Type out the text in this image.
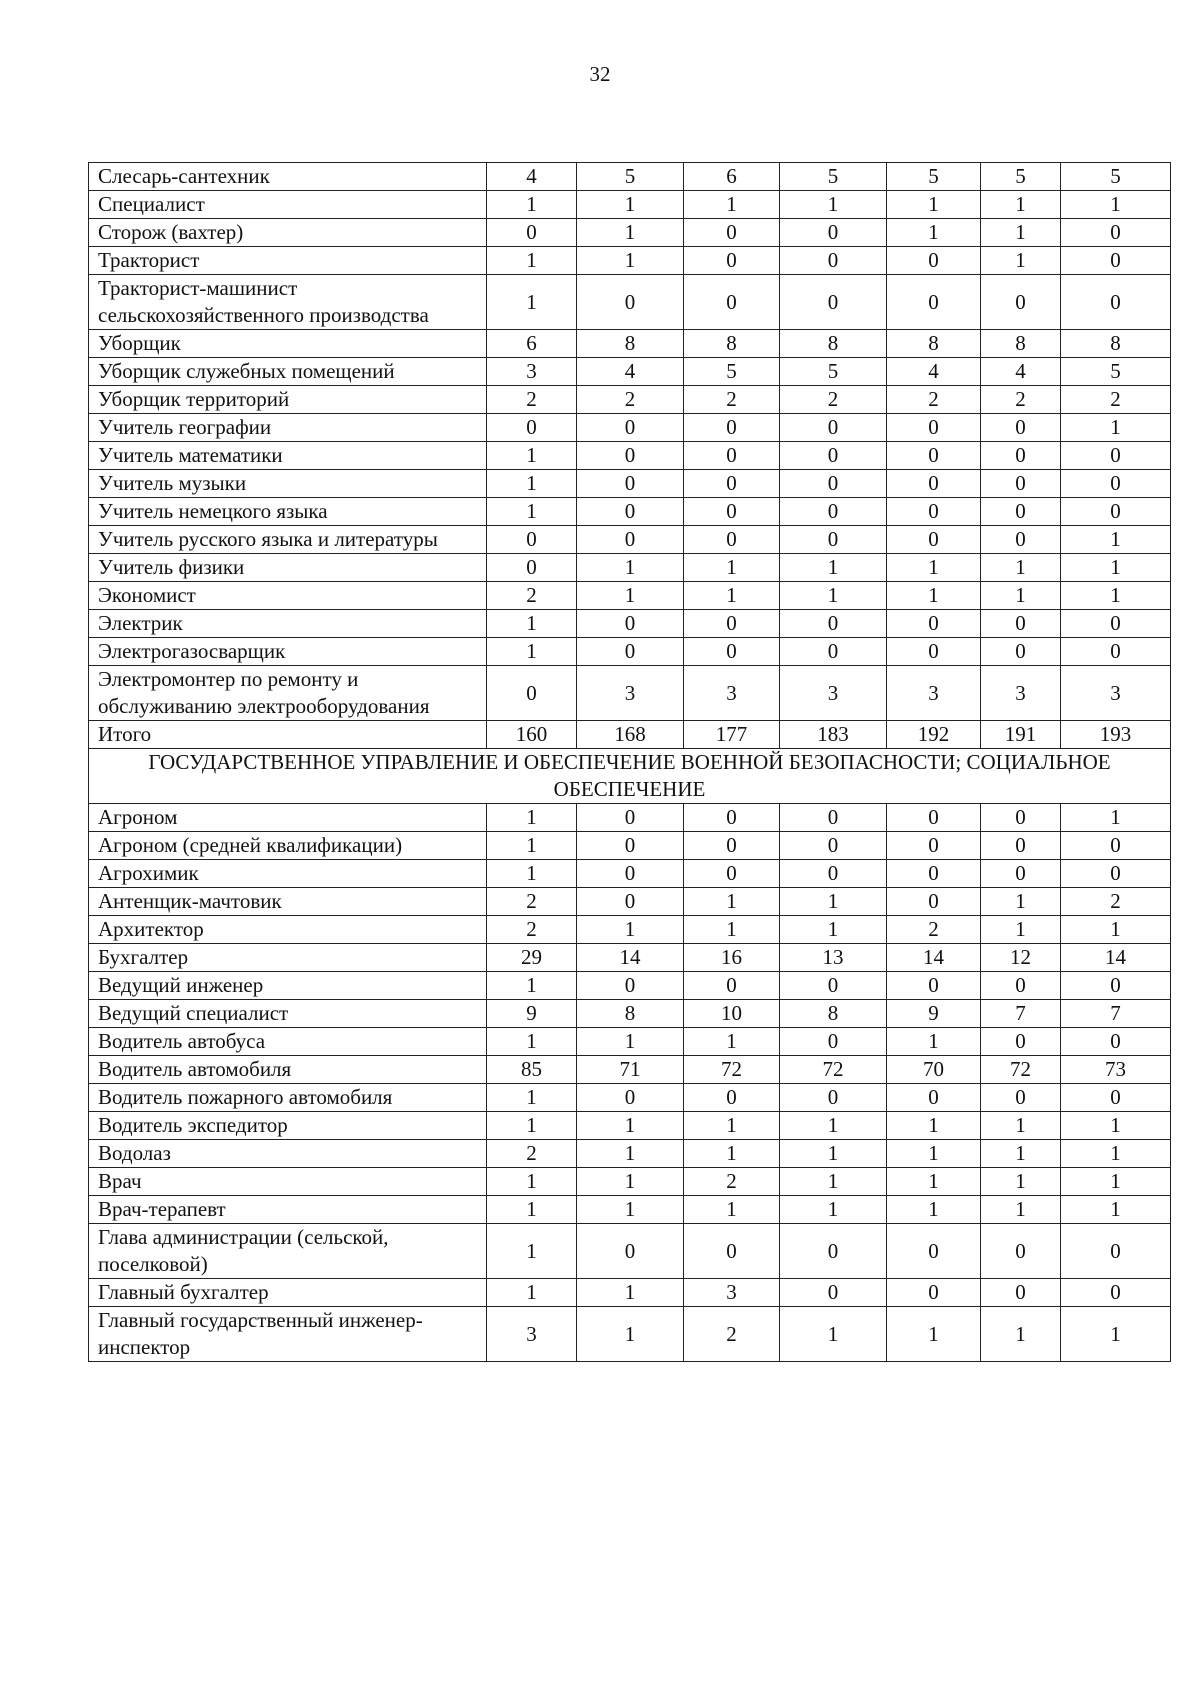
32
Слесарь-сантехник	4	5	6	5	5	5	5
Специалист	1	1	1	1	1	1	1
Сторож (вахтер)	0	1	0	0	1	1	0
Тракторист	1	1	0	0	0	1	0
Тракторист-машинист сельскохозяйственного производства	1	0	0	0	0	0	0
Уборщик	6	8	8	8	8	8	8
Уборщик служебных помещений	3	4	5	5	4	4	5
Уборщик территорий	2	2	2	2	2	2	2
Учитель географии	0	0	0	0	0	0	1
Учитель математики	1	0	0	0	0	0	0
Учитель музыки	1	0	0	0	0	0	0
Учитель немецкого языка	1	0	0	0	0	0	0
Учитель русского языка и литературы	0	0	0	0	0	0	1
Учитель физики	0	1	1	1	1	1	1
Экономист	2	1	1	1	1	1	1
Электрик	1	0	0	0	0	0	0
Электрогазосварщик	1	0	0	0	0	0	0
Электромонтер по ремонту и обслуживанию электрооборудования	0	3	3	3	3	3	3
Итого	160	168	177	183	192	191	193
ГОСУДАРСТВЕННОЕ УПРАВЛЕНИЕ И ОБЕСПЕЧЕНИЕ ВОЕННОЙ БЕЗОПАСНОСТИ; СОЦИАЛЬНОЕ ОБЕСПЕЧЕНИЕ							
Агроном	1	0	0	0	0	0	1
Агроном (средней квалификации)	1	0	0	0	0	0	0
Агрохимик	1	0	0	0	0	0	0
Антенщик-мачтовик	2	0	1	1	0	1	2
Архитектор	2	1	1	1	2	1	1
Бухгалтер	29	14	16	13	14	12	14
Ведущий инженер	1	0	0	0	0	0	0
Ведущий специалист	9	8	10	8	9	7	7
Водитель автобуса	1	1	1	0	1	0	0
Водитель автомобиля	85	71	72	72	70	72	73
Водитель пожарного автомобиля	1	0	0	0	0	0	0
Водитель экспедитор	1	1	1	1	1	1	1
Водолаз	2	1	1	1	1	1	1
Врач	1	1	2	1	1	1	1
Врач-терапевт	1	1	1	1	1	1	1
Глава администрации (сельской, поселковой)	1	0	0	0	0	0	0
Главный бухгалтер	1	1	3	0	0	0	0
Главный государственный инженер-инспектор	3	1	2	1	1	1	1
